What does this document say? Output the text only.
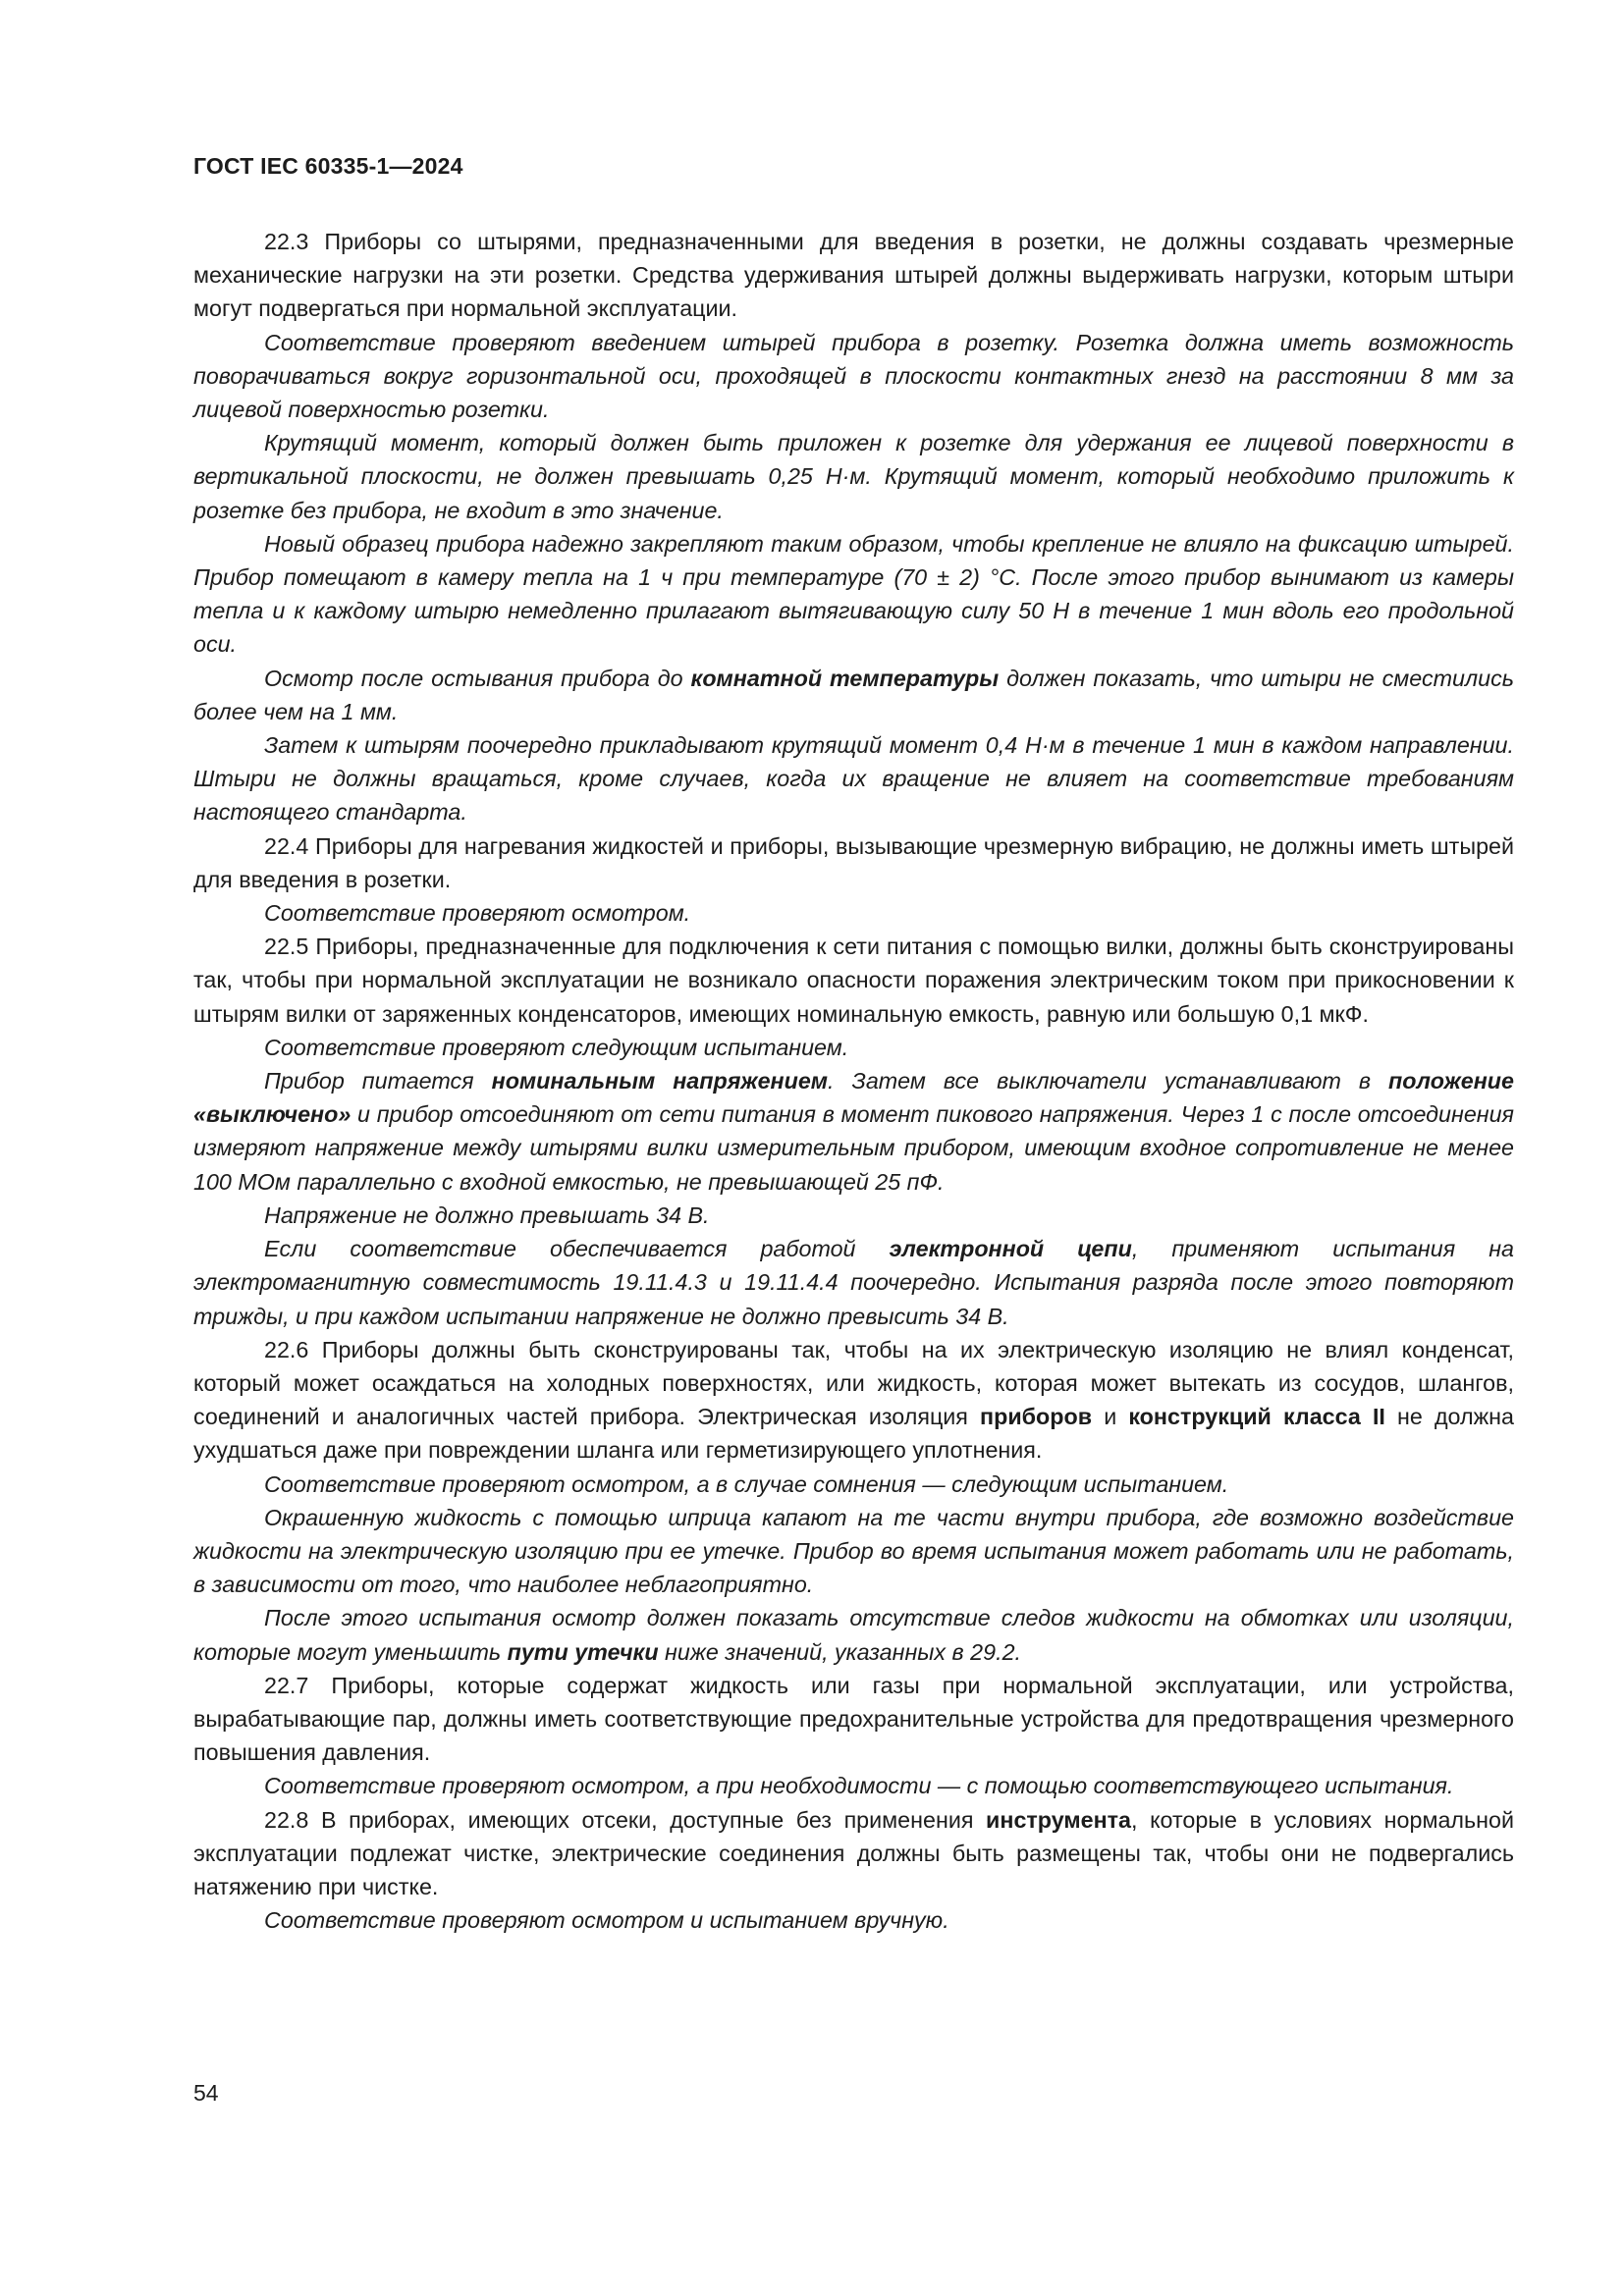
ГОСТ IEC 60335-1—2024

22.3 Приборы со штырями, предназначенными для введения в розетки, не должны создавать чрезмерные механические нагрузки на эти розетки. Средства удерживания штырей должны выдерживать нагрузки, которым штыри могут подвергаться при нормальной эксплуатации.

Соответствие проверяют введением штырей прибора в розетку. Розетка должна иметь возможность поворачиваться вокруг горизонтальной оси, проходящей в плоскости контактных гнезд на расстоянии 8 мм за лицевой поверхностью розетки.

Крутящий момент, который должен быть приложен к розетке для удержания ее лицевой поверхности в вертикальной плоскости, не должен превышать 0,25 Н·м. Крутящий момент, который необходимо приложить к розетке без прибора, не входит в это значение.

Новый образец прибора надежно закрепляют таким образом, чтобы крепление не влияло на фиксацию штырей. Прибор помещают в камеру тепла на 1 ч при температуре (70 ± 2) °С. После этого прибор вынимают из камеры тепла и к каждому штырю немедленно прилагают вытягивающую силу 50 Н в течение 1 мин вдоль его продольной оси.

Осмотр после остывания прибора до комнатной температуры должен показать, что штыри не сместились более чем на 1 мм.

Затем к штырям поочередно прикладывают крутящий момент 0,4 Н·м в течение 1 мин в каждом направлении. Штыри не должны вращаться, кроме случаев, когда их вращение не влияет на соответствие требованиям настоящего стандарта.

22.4 Приборы для нагревания жидкостей и приборы, вызывающие чрезмерную вибрацию, не должны иметь штырей для введения в розетки.

Соответствие проверяют осмотром.

22.5 Приборы, предназначенные для подключения к сети питания с помощью вилки, должны быть сконструированы так, чтобы при нормальной эксплуатации не возникало опасности поражения электрическим током при прикосновении к штырям вилки от заряженных конденсаторов, имеющих номинальную емкость, равную или большую 0,1 мкФ.

Соответствие проверяют следующим испытанием.

Прибор питается номинальным напряжением. Затем все выключатели устанавливают в положение «выключено» и прибор отсоединяют от сети питания в момент пикового напряжения. Через 1 с после отсоединения измеряют напряжение между штырями вилки измерительным прибором, имеющим входное сопротивление не менее 100 МОм параллельно с входной емкостью, не превышающей 25 пФ.

Напряжение не должно превышать 34 В.

Если соответствие обеспечивается работой электронной цепи, применяют испытания на электромагнитную совместимость 19.11.4.3 и 19.11.4.4 поочередно. Испытания разряда после этого повторяют трижды, и при каждом испытании напряжение не должно превысить 34 В.

22.6 Приборы должны быть сконструированы так, чтобы на их электрическую изоляцию не влиял конденсат, который может осаждаться на холодных поверхностях, или жидкость, которая может вытекать из сосудов, шлангов, соединений и аналогичных частей прибора. Электрическая изоляция приборов и конструкций класса II не должна ухудшаться даже при повреждении шланга или герметизирующего уплотнения.

Соответствие проверяют осмотром, а в случае сомнения — следующим испытанием.

Окрашенную жидкость с помощью шприца капают на те части внутри прибора, где возможно воздействие жидкости на электрическую изоляцию при ее утечке. Прибор во время испытания может работать или не работать, в зависимости от того, что наиболее неблагоприятно.

После этого испытания осмотр должен показать отсутствие следов жидкости на обмотках или изоляции, которые могут уменьшить пути утечки ниже значений, указанных в 29.2.

22.7 Приборы, которые содержат жидкость или газы при нормальной эксплуатации, или устройства, вырабатывающие пар, должны иметь соответствующие предохранительные устройства для предотвращения чрезмерного повышения давления.

Соответствие проверяют осмотром, а при необходимости — с помощью соответствующего испытания.

22.8 В приборах, имеющих отсеки, доступные без применения инструмента, которые в условиях нормальной эксплуатации подлежат чистке, электрические соединения должны быть размещены так, чтобы они не подвергались натяжению при чистке.

Соответствие проверяют осмотром и испытанием вручную.

54
